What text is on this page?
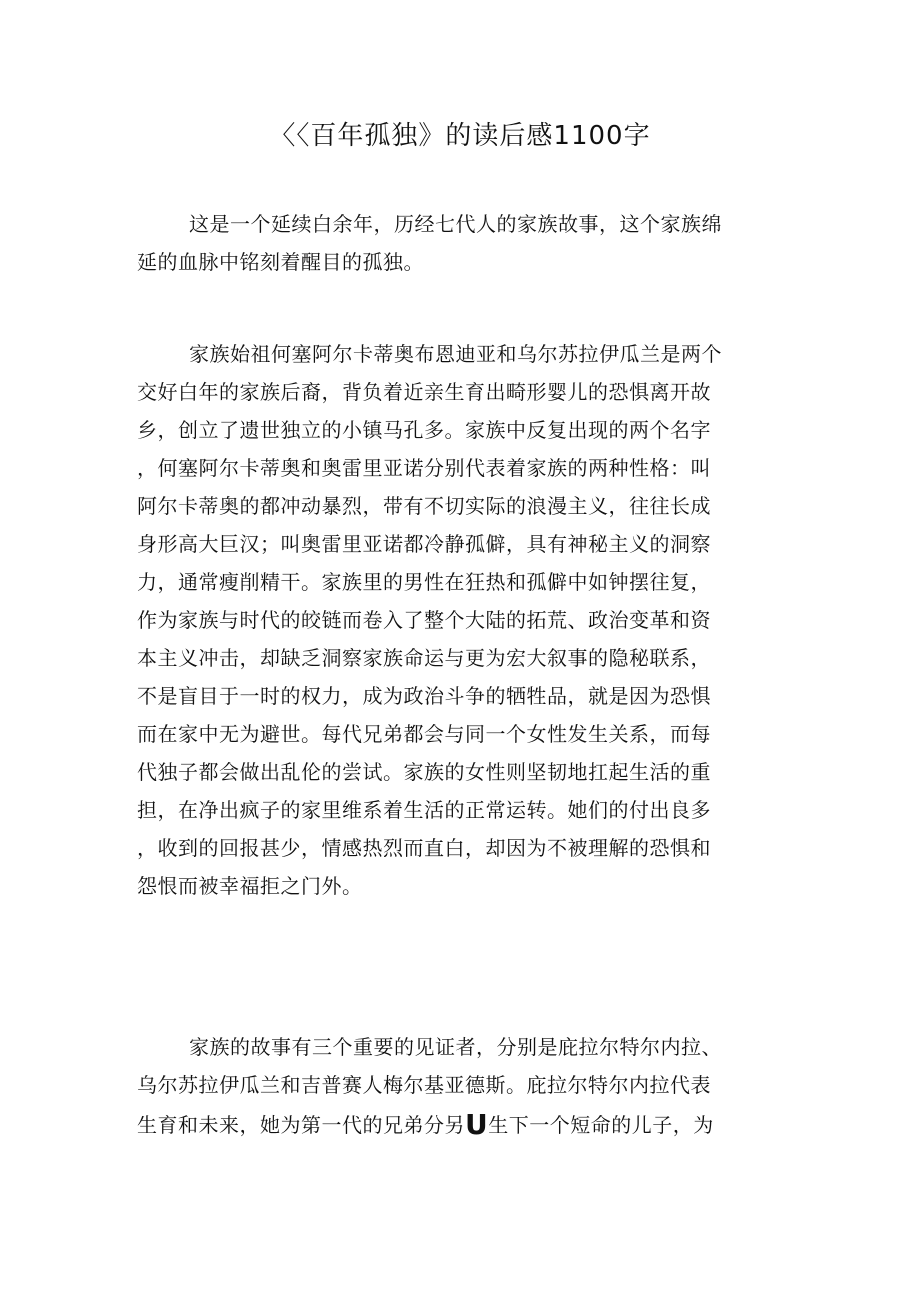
〈〈百年孤独》的读后感1100字
这是一个延续白余年，历经七代人的家族故事，这个家族绵
延的血脉中铭刻着醒目的孤独。
家族始祖何塞阿尔卡蒂奥布恩迪亚和乌尔苏拉伊瓜兰是两个
交好白年的家族后裔，背负着近亲生育出畸形婴儿的恐惧离开故
乡，创立了遗世独立的小镇马孔多。家族中反复出现的两个名字
，何塞阿尔卡蒂奥和奥雷里亚诺分别代表着家族的两种性格：叫
阿尔卡蒂奥的都冲动暴烈，带有不切实际的浪漫主义，往往长成
身形高大巨汉；叫奥雷里亚诺都冷静孤僻，具有神秘主义的洞察
力，通常瘦削精干。家族里的男性在狂热和孤僻中如钟摆往复，
作为家族与时代的皎链而卷入了整个大陆的拓荒、政治变革和资
本主义冲击，却缺乏洞察家族命运与更为宏大叙事的隐秘联系，
不是盲目于一时的权力，成为政治斗争的牺牲品，就是因为恐惧
而在家中无为避世。每代兄弟都会与同一个女性发生关系，而每
代独子都会做出乱伦的尝试。家族的女性则坚韧地扛起生活的重
担，在净出疯子的家里维系着生活的正常运转。她们的付出良多
，收到的回报甚少，情感热烈而直白，却因为不被理解的恐惧和
怨恨而被幸福拒之门外。
家族的故事有三个重要的见证者，分别是庇拉尔特尔内拉、
乌尔苏拉伊瓜兰和吉普赛人梅尔基亚德斯。庇拉尔特尔内拉代表
生育和未来，她为第一代的兄弟分另U生下一个短命的儿子，为
